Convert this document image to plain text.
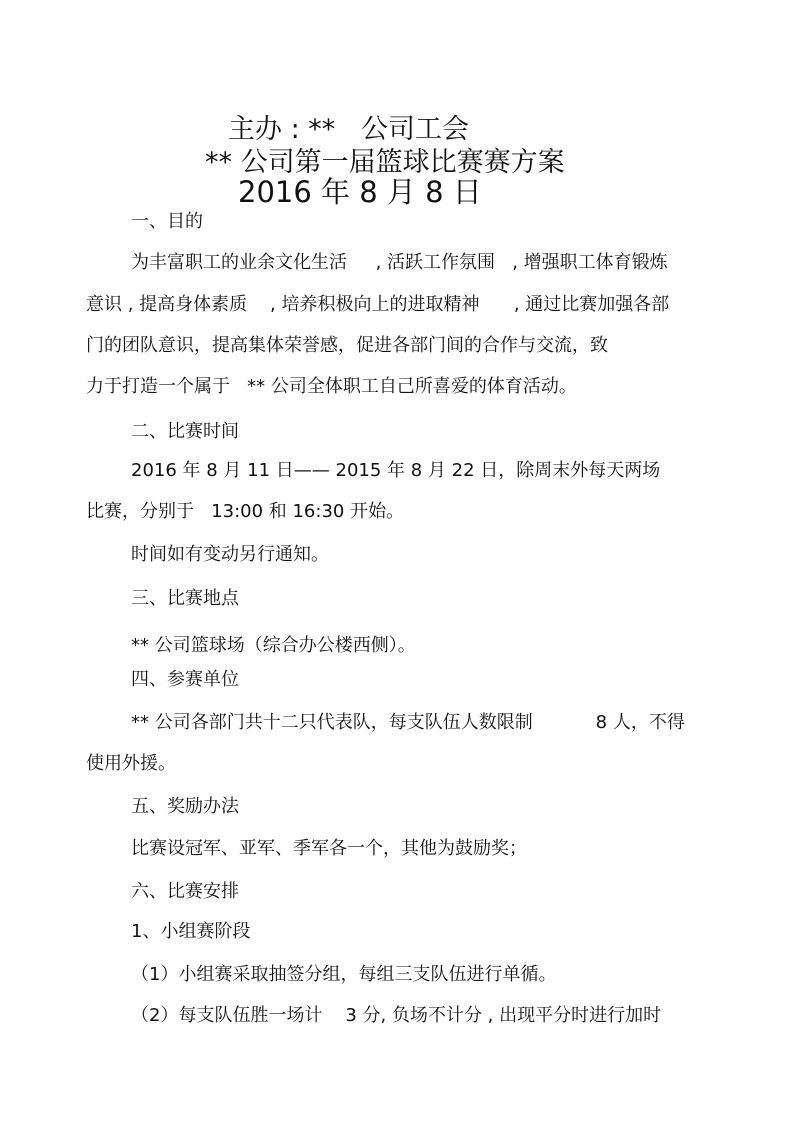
主办 : **   公司工会
** 公司第一届篮球比赛赛方案
2016 年 8 月 8 日
一、目的
为丰富职工的业余文化生活     , 活跃工作氛围   , 增强职工体育锻炼
意识 , 提高身体素质    , 培养积极向上的进取精神      , 通过比赛加强各部
门的团队意识，提高集体荣誉感，促进各部门间的合作与交流，致
力于打造一个属于   ** 公司全体职工自己所喜爱的体育活动。
二、比赛时间
2016 年 8 月 11 日—— 2015 年 8 月 22 日，除周末外每天两场
比赛，分别于   13:00 和 16:30 开始。
时间如有变动另行通知。
三、比赛地点
** 公司篮球场（综合办公楼西侧）。
四、参赛单位
** 公司各部门共十二只代表队，每支队伍人数限制           8 人，不得
使用外援。
五、奖励办法
比赛设冠军、亚军、季军各一个，其他为鼓励奖；
六、比赛安排
1、小组赛阶段
（1）小组赛采取抽签分组，每组三支队伍进行单循。
（2）每支队伍胜一场计    3 分, 负场不计分 , 出现平分时进行加时
